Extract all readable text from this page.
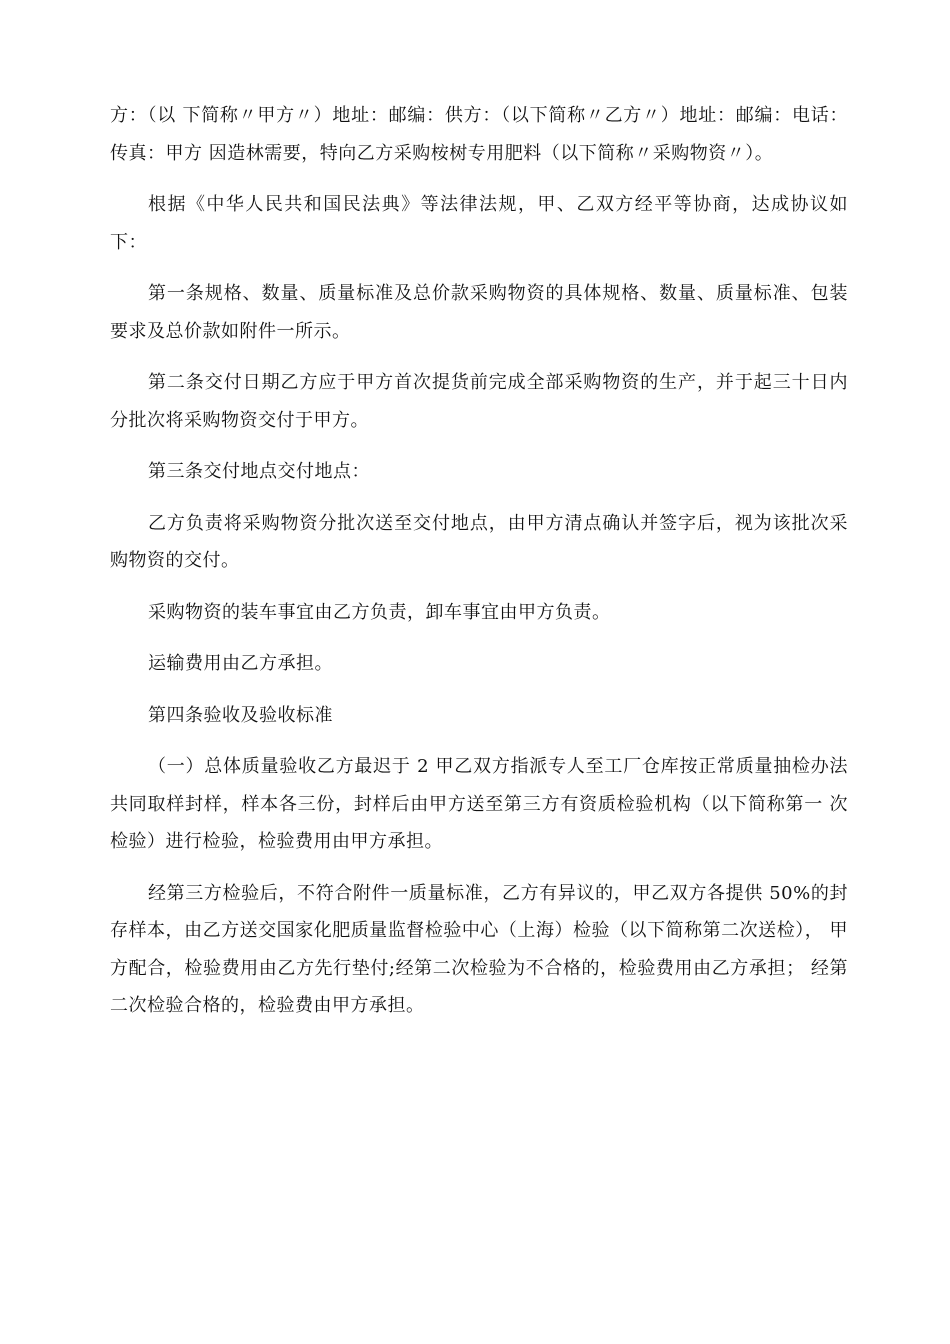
方：（以 下简称〃甲方〃）地址：邮编：供方：（以下简称〃乙方〃）地址：邮编：电话：传真：甲方 因造林需要，特向乙方采购桉树专用肥料（以下简称〃采购物资〃）。

根据《中华人民共和国民法典》等法律法规，甲、乙双方经平等协商，达成协议如下：

第一条规格、数量、质量标准及总价款采购物资的具体规格、数量、质量标准、包装要求及总价款如附件一所示。

第二条交付日期乙方应于甲方首次提货前完成全部采购物资的生产，并于起三十日内分批次将采购物资交付于甲方。

第三条交付地点交付地点：

乙方负责将采购物资分批次送至交付地点，由甲方清点确认并签字后，视为该批次采购物资的交付。

采购物资的装车事宜由乙方负责，卸车事宜由甲方负责。

运输费用由乙方承担。

第四条验收及验收标准

（一）总体质量验收乙方最迟于 2 甲乙双方指派专人至工厂仓库按正常质量抽检办法 共同取样封样，样本各三份，封样后由甲方送至第三方有资质检验机构（以下简称第一 次检验）进行检验，检验费用由甲方承担。

经第三方检验后，不符合附件一质量标准，乙方有异议的，甲乙双方各提供 50%的封存样本，由乙方送交国家化肥质量监督检验中心（上海）检验（以下简称第二次送检）， 甲方配合，检验费用由乙方先行垫付;经第二次检验为不合格的，检验费用由乙方承担； 经第二次检验合格的，检验费由甲方承担。
